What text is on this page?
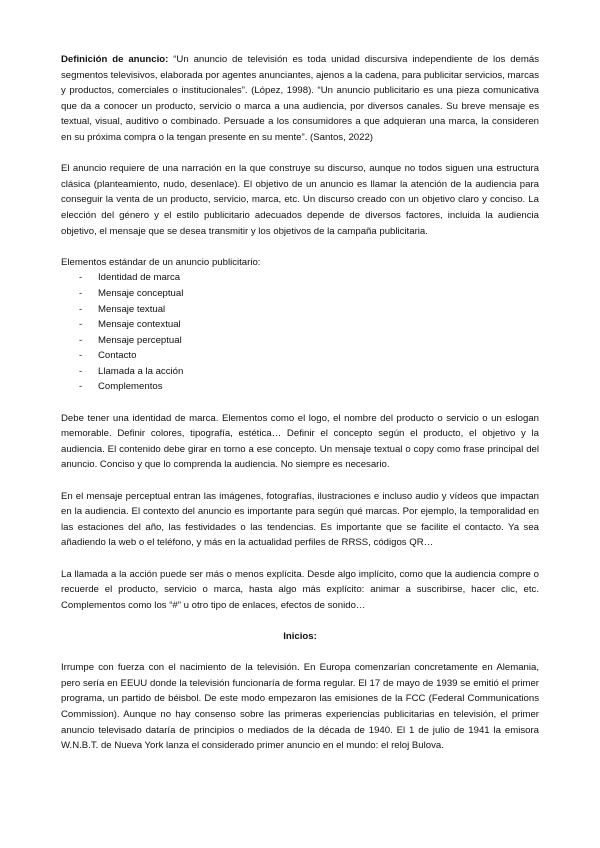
Definición de anuncio: “Un anuncio de televisión es toda unidad discursiva independiente de los demás segmentos televisivos, elaborada por agentes anunciantes, ajenos a la cadena, para publicitar servicios, marcas y productos, comerciales o institucionales”. (López, 1998). “Un anuncio publicitario es una pieza comunicativa que da a conocer un producto, servicio o marca a una audiencia, por diversos canales. Su breve mensaje es textual, visual, auditivo o combinado. Persuade a los consumidores a que adquieran una marca, la consideren en su próxima compra o la tengan presente en su mente”. (Santos, 2022)

El anuncio requiere de una narración en la que construye su discurso, aunque no todos siguen una estructura clásica (planteamiento, nudo, desenlace). El objetivo de un anuncio es llamar la atención de la audiencia para conseguir la venta de un producto, servicio, marca, etc. Un discurso creado con un objetivo claro y conciso. La elección del género y el estilo publicitario adecuados depende de diversos factores, incluida la audiencia objetivo, el mensaje que se desea transmitir y los objetivos de la campaña publicitaria.

Elementos estándar de un anuncio publicitario:

- Identidad de marca
- Mensaje conceptual
- Mensaje textual
- Mensaje contextual
- Mensaje perceptual
- Contacto
- Llamada a la acción
- Complementos

Debe tener una identidad de marca. Elementos como el logo, el nombre del producto o servicio o un eslogan memorable. Definir colores, tipografía, estética… Definir el concepto según el producto, el objetivo y la audiencia. El contenido debe girar en torno a ese concepto. Un mensaje textual o copy como frase principal del anuncio. Conciso y que lo comprenda la audiencia. No siempre es necesario.

En el mensaje perceptual entran las imágenes, fotografías, ilustraciones e incluso audio y vídeos que impactan en la audiencia. El contexto del anuncio es importante para según qué marcas. Por ejemplo, la temporalidad en las estaciones del año, las festividades o las tendencias. Es importante que se facilite el contacto. Ya sea añadiendo la web o el teléfono, y más en la actualidad perfiles de RRSS, códigos QR…

La llamada a la acción puede ser más o menos explícita. Desde algo implícito, como que la audiencia compre o recuerde el producto, servicio o marca, hasta algo más explícito: animar a suscribirse, hacer clic, etc. Complementos como los “#” u otro tipo de enlaces, efectos de sonido…

Inicios:

Irrumpe con fuerza con el nacimiento de la televisión. En Europa comenzarían concretamente en Alemania, pero sería en EEUU donde la televisión funcionaría de forma regular. El 17 de mayo de 1939 se emitió el primer programa, un partido de béisbol. De este modo empezaron las emisiones de la FCC (Federal Communications Commission). Aunque no hay consenso sobre las primeras experiencias publicitarias en televisión, el primer anuncio televisado dataría de principios o mediados de la década de 1940. El 1 de julio de 1941 la emisora W.N.B.T. de Nueva York lanza el considerado primer anuncio en el mundo: el reloj Bulova.
